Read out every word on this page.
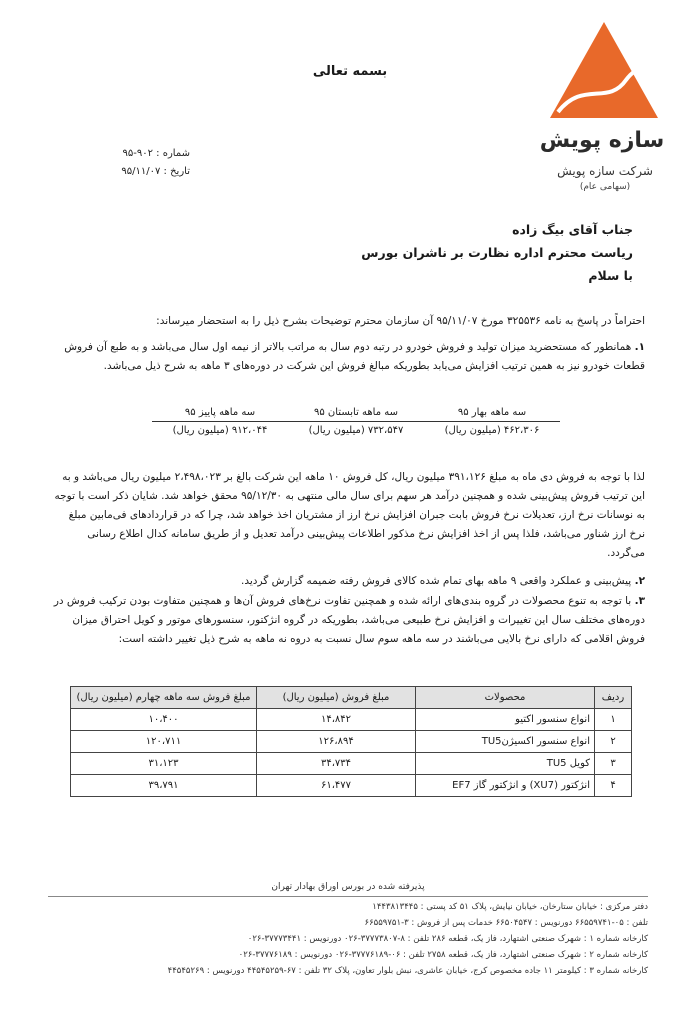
بسمه تعالی
سازه پویش
شرکت سازه پویش
(سهامی عام)
شماره : ۹۰۲-۹۵
تاریخ : ۹۵/۱۱/۰۷
جناب آقای بیگ زاده
ریاست محترم اداره نظارت بر ناشران بورس
با سلام
احتراماً در پاسخ به نامه ۳۲۵۵۳۶ مورخ ۹۵/۱۱/۰۷ آن سازمان محترم توضیحات بشرح ذیل را به استحضار میرساند:
۱. همانطور که مستحضرید میزان تولید و فروش خودرو در رتبه دوم سال به مراتب بالاتر از نیمه اول سال می‌باشد و به طبع آن فروش قطعات خودرو نیز به همین ترتیب افزایش می‌یابد بطوریکه مبالغ فروش این شرکت در دوره‌های ۳ ماهه به شرح ذیل می‌باشد.
سه ماهه بهار ۹۵	سه ماهه تابستان ۹۵	سه ماهه پاییز ۹۵
۴۶۲،۳۰۶ (میلیون ریال)	۷۳۲،۵۴۷ (میلیون ریال)	۹۱۲،۰۴۴ (میلیون ریال)
لذا با توجه به فروش دی ماه به مبلغ ۳۹۱،۱۲۶ میلیون ریال، کل فروش ۱۰ ماهه این شرکت بالغ بر ۲،۴۹۸،۰۲۳ میلیون ریال می‌باشد و به این ترتیب فروش پیش‌بینی شده و همچنین درآمد هر سهم برای سال مالی منتهی به ۹۵/۱۲/۳۰ محقق خواهد شد. شایان ذکر است با توجه به نوسانات نرخ ارز، تعدیلات نرخ فروش بابت جبران افزایش نرخ ارز از مشتریان اخذ خواهد شد، چرا که در قراردادهای فی‌مابین مبلغ نرخ ارز شناور می‌باشد، فلذا پس از اخذ افزایش نرخ مذکور اطلاعات پیش‌بینی درآمد تعدیل و از طریق سامانه کدال اطلاع رسانی می‌گردد.
۲. پیش‌بینی و عملکرد واقعی ۹ ماهه بهای تمام شده کالای فروش رفته ضمیمه گزارش گردید.
۳. با توجه به تنوع محصولات در گروه بندی‌های ارائه شده و همچنین تفاوت نرخ‌های فروش آن‌ها و همچنین متفاوت بودن ترکیب فروش در دوره‌های مختلف سال این تغییرات و افزایش نرخ طبیعی می‌باشد، بطوریکه در گروه انژکتور، سنسورهای موتور و کویل احتراق میزان فروش اقلامی که دارای نرخ بالایی می‌باشند در سه ماهه سوم سال نسبت به دروه نه ماهه به شرح ذیل تغییر داشته است:
ردیف	محصولات	مبلغ فروش (میلیون ریال)	مبلغ فروش سه ماهه چهارم (میلیون ریال)
۱	انواع سنسور اکتیو	۱۴،۸۴۲	۱۰،۴۰۰
۲	انواع سنسور اکسیژنTU5	۱۲۶،۸۹۴	۱۲۰،۷۱۱
۳	کویل TU5	۳۴،۷۳۴	۳۱،۱۲۳
۴	انژکتور (XU7) و انژکتور گاز EF7	۶۱،۴۷۷	۳۹،۷۹۱
پذیرفته شده در بورس اوراق بهادار تهران
دفتر مرکزی : خیابان ستارخان، خیابان نیایش، پلاک ۵۱ کد پستی : ۱۴۴۳۸۱۳۴۴۵
تلفن : ۰۵-۶۶۵۵۹۷۴۱ دورنویس : ۶۶۵۰۴۵۴۷ خدمات پس از فروش : ۳-۶۶۵۵۹۷۵۱
کارخانه شماره ۱ : شهرک صنعتی اشتهارد، فاز یک، قطعه ۲۸۶ تلفن : ۸-۳۷۷۷۳۸۰۷-۰۲۶ دورنویس : ۳۷۷۷۳۴۴۱-۰۲۶
کارخانه شماره ۲ : شهرک صنعتی اشتهارد، فاز یک، قطعه ۲۷۵۸ تلفن : ۰۶-۳۷۷۷۶۱۸۹-۰۲۶ دورنویس : ۳۷۷۷۶۱۸۹-۰۲۶
کارخانه شماره ۳ : کیلومتر ۱۱ جاده مخصوص کرج، خیابان عاشری، نبش بلوار تعاون، پلاک ۳۲ تلفن : ۶۷-۴۴۵۴۵۲۵۹ دورنویس : ۴۴۵۴۵۲۶۹
